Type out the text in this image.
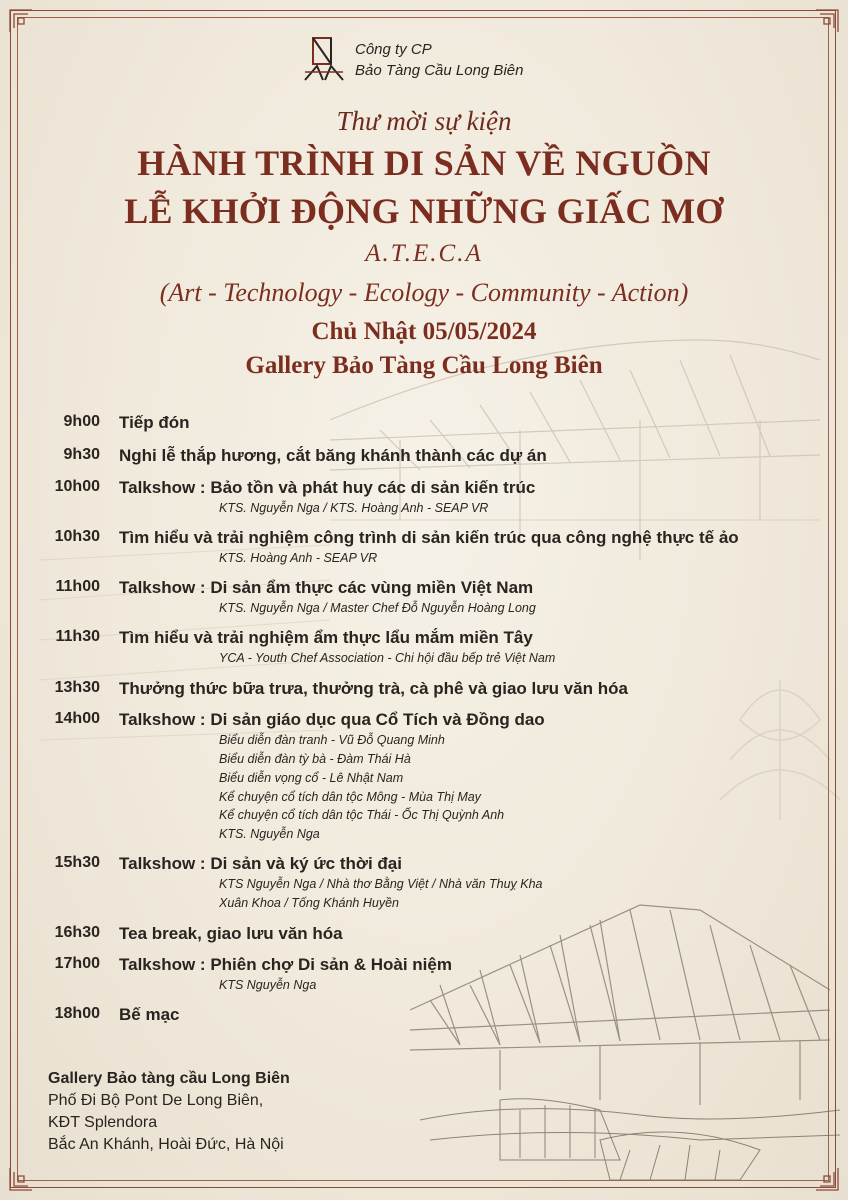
Công ty CP
Bảo Tàng Cầu Long Biên
Thư mời sự kiện
HÀNH TRÌNH DI SẢN VỀ NGUỒN
LỄ KHỞI ĐỘNG NHỮNG GIẤC MƠ
A.T.E.C.A
(Art - Technology - Ecology - Community - Action)
Chủ Nhật 05/05/2024
Gallery Bảo Tàng Cầu Long Biên
9h00 Tiếp đón
9h30 Nghi lễ thắp hương, cắt băng khánh thành các dự án
10h00 Talkshow : Bảo tồn và phát huy các di sản kiến trúc
KTS. Nguyễn Nga / KTS. Hoàng Anh - SEAP VR
10h30 Tìm hiểu và trải nghiệm công trình di sản kiến trúc qua công nghệ thực tế ảo
KTS. Hoàng Anh - SEAP VR
11h00 Talkshow : Di sản ẩm thực các vùng miền Việt Nam
KTS. Nguyễn Nga / Master Chef Đỗ Nguyễn Hoàng Long
11h30 Tìm hiểu và trải nghiệm ẩm thực lẩu mắm miền Tây
YCA - Youth Chef Association - Chi hội đầu bếp trẻ Việt Nam
13h30 Thưởng thức bữa trưa, thưởng trà, cà phê và giao lưu văn hóa
14h00 Talkshow : Di sản giáo dục qua Cổ Tích và Đồng dao
Biểu diễn đàn tranh - Vũ Đỗ Quang Minh
Biểu diễn đàn tỳ bà - Đàm Thái Hà
Biểu diễn vọng cổ - Lê Nhật Nam
Kể chuyện cổ tích dân tộc Mông - Mùa Thị May
Kể chuyện cổ tích dân tộc Thái - Ốc Thị Quỳnh Anh
KTS. Nguyễn Nga
15h30 Talkshow : Di sản và ký ức thời đại
KTS Nguyễn Nga / Nhà thơ Bằng Việt / Nhà văn Thuỵ Kha
Xuân Khoa / Tống Khánh Huyền
16h30 Tea break, giao lưu văn hóa
17h00 Talkshow : Phiên chợ Di sản & Hoài niệm
KTS Nguyễn Nga
18h00 Bế mạc
Gallery Bảo tàng cầu Long Biên
Phố Đi Bộ Pont De Long Biên,
KĐT Splendora
Bắc An Khánh, Hoài Đức, Hà Nội
